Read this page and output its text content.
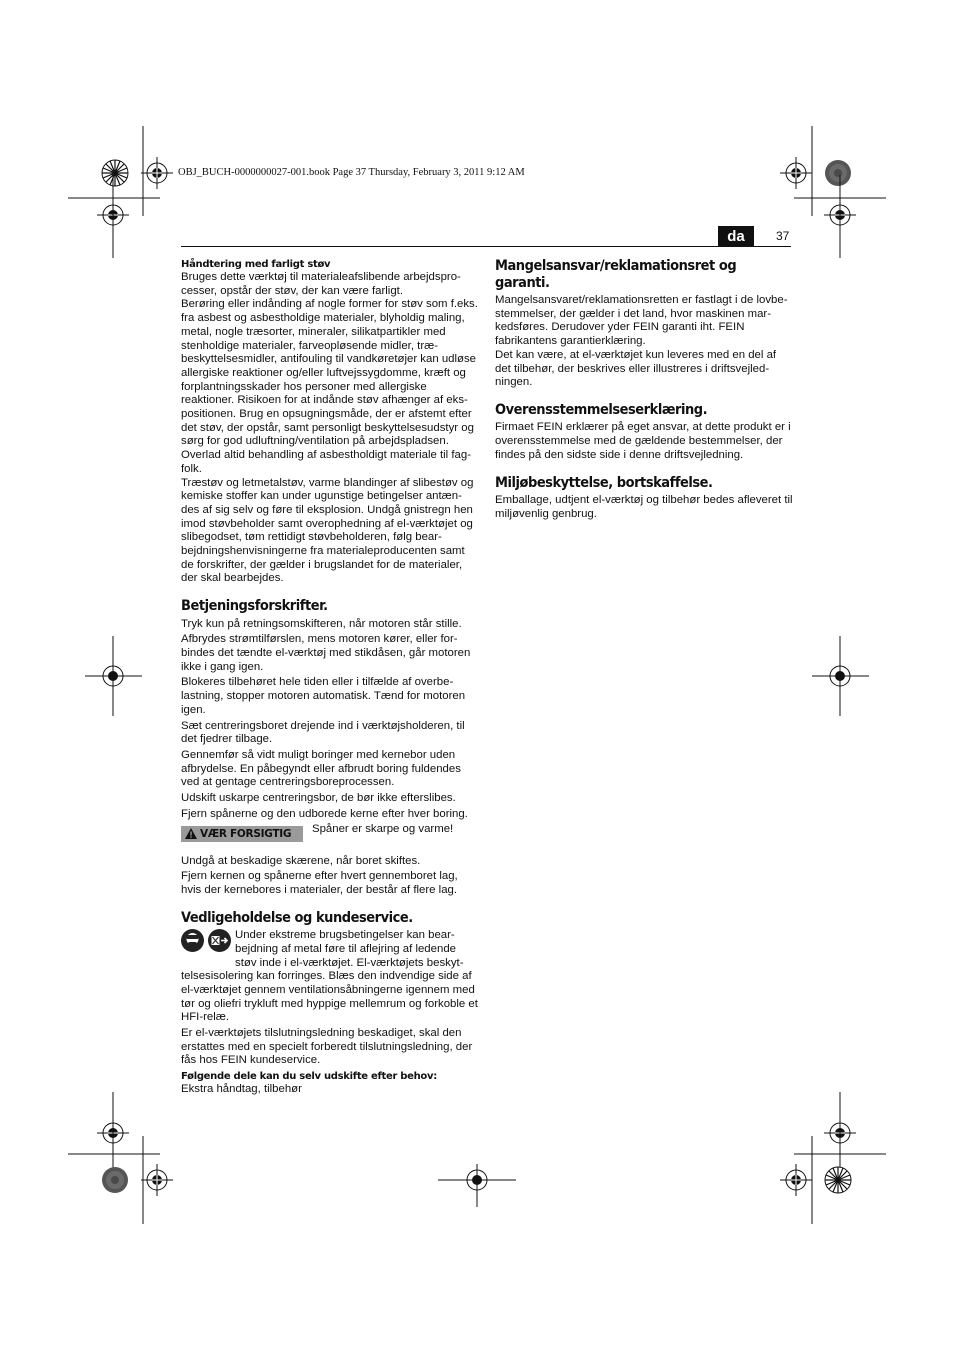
OBJ_BUCH-0000000027-001.book Page 37 Thursday, February 3, 2011 9:12 AM
da	37
Håndtering med farligt støv

Bruges dette værktøj til materialeafslibende arbejdspro-cesser, opstår der støv, der kan være farligt.

Berøring eller indånding af nogle former for støv som f.eks. fra asbest og asbestholdige materialer, blyholdig maling, metal, nogle træsorter, mineraler, silikatpartikler med stenholdige materialer, farveopløsende midler, træ-beskyttelsesmidler, antifouling til vandkøretøjer kan udløse allergiske reaktioner og/eller luftvejssygdomme, kræft og forplantningsskader hos personer med allergiske reaktioner. Risikoen for at indånde støv afhænger af eks-positionen. Brug en opsugningsmåde, der er afstemt efter det støv, der opstår, samt personligt beskyttelsesudstyr og sørg for god udluftning/ventilation på arbejdspladsen. Overlad altid behandling af asbestholdigt materiale til fag-folk.

Træstøv og letmetalstøv, varme blandinger af slibestøv og kemiske stoffer kan under ugunstige betingelser antæn-des af sig selv og føre til eksplosion. Undgå gnistregn hen imod støvbeholder samt overophedning af el-værktøjet og slibegodset, tøm rettidigt støvbeholderen, følg bear-bejdningshenvisningerne fra materialeproducenten samt de forskrifter, der gælder i brugslandet for de materialer, der skal bearbejdes.

Betjeningsforskrifter.

Tryk kun på retningsomskifteren, når motoren står stille.

Afbrydes strømtilførslen, mens motoren kører, eller for-bindes det tændte el-værktøj med stikdåsen, går motoren ikke i gang igen.

Blokeres tilbehøret hele tiden eller i tilfælde af overbe-lastning, stopper motoren automatisk. Tænd for motoren igen.

Sæt centreringsboret drejende ind i værktøjsholderen, til det fjedrer tilbage.

Gennemfør så vidt muligt boringer med kernebor uden afbrydelse. En påbegyndt eller afbrudt boring fuldendes ved at gentage centreringsboreprocessen.

Udskift uskarpe centreringsbor, de bør ikke efterslibes.

Fjern spånerne og den udborede kerne efter hver boring.

VÆR FORSIGTIG Spåner er skarpe og varme!

Undgå at beskadige skærene, når boret skiftes.

Fjern kernen og spånerne efter hvert gennemboret lag, hvis der kernebores i materialer, der består af flere lag.

Vedligeholdelse og kundeservice.

Under ekstreme brugsbetingelser kan bear-bejdning af metal føre til aflejring af ledende støv inde i el-værktøjet. El-værktøjets beskyt-telsesisolering kan forringes. Blæs den indvendige side af el-værktøjet gennem ventilationsåbningerne igennem med tør og oliefri trykluft med hyppige mellemrum og forkoble et HFI-relæ.

Er el-værktøjets tilslutningsledning beskadiget, skal den erstattes med en specielt forberedt tilslutningsledning, der fås hos FEIN kundeservice.

Følgende dele kan du selv udskifte efter behov:

Ekstra håndtag, tilbehør

Mangelsansvar/reklamationsret og garanti.

Mangelsansvaret/reklamationsretten er fastlagt i de lovbe-stemmelser, der gælder i det land, hvor maskinen mar-kedsføres. Derudover yder FEIN garanti iht. FEIN fabrikantens garantierklæring.

Det kan være, at el-værktøjet kun leveres med en del af det tilbehør, der beskrives eller illustreres i driftsvejled-ningen.

Overensstemmelseserklæring.

Firmaet FEIN erklærer på eget ansvar, at dette produkt er i overensstemmelse med de gældende bestemmelser, der findes på den sidste side i denne driftsvejledning.

Miljøbeskyttelse, bortskaffelse.

Emballage, udtjent el-værktøj og tilbehør bedes afleveret til miljøvenlig genbrug.
